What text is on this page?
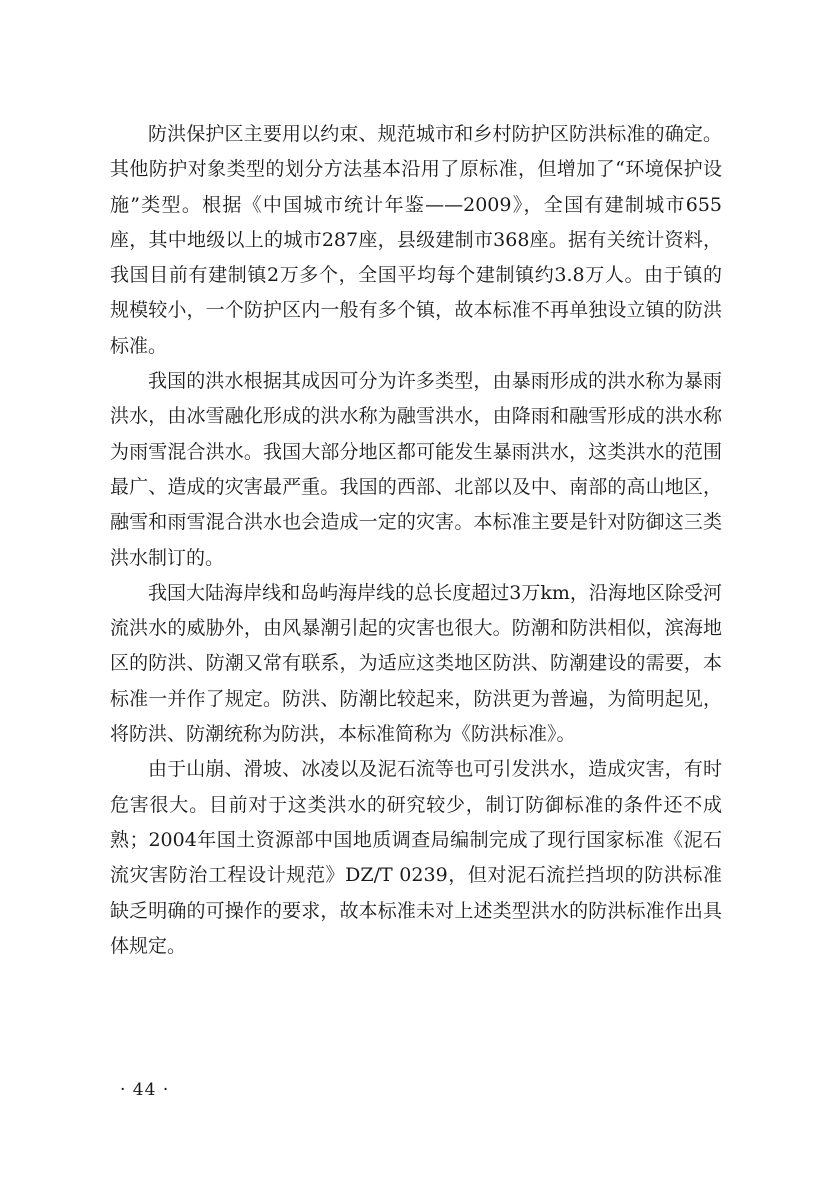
防洪保护区主要用以约束、规范城市和乡村防护区防洪标准的确定。其他防护对象类型的划分方法基本沿用了原标准，但增加了“环境保护设施”类型。根据《中国城市统计年鉴——2009》，全国有建制城市655座，其中地级以上的城市287座，县级建制市368座。据有关统计资料，我国目前有建制镇2万多个，全国平均每个建制镇约3.8万人。由于镇的规模较小，一个防护区内一般有多个镇，故本标准不再单独设立镇的防洪标准。

我国的洪水根据其成因可分为许多类型，由暴雨形成的洪水称为暴雨洪水，由冰雪融化形成的洪水称为融雪洪水，由降雨和融雪形成的洪水称为雨雪混合洪水。我国大部分地区都可能发生暴雨洪水，这类洪水的范围最广、造成的灾害最严重。我国的西部、北部以及中、南部的高山地区，融雪和雨雪混合洪水也会造成一定的灾害。本标准主要是针对防御这三类洪水制订的。

我国大陆海岸线和岛屿海岸线的总长度超过3万km，沿海地区除受河流洪水的威胁外，由风暴潮引起的灾害也很大。防潮和防洪相似，滨海地区的防洪、防潮又常有联系，为适应这类地区防洪、防潮建设的需要，本标准一并作了规定。防洪、防潮比较起来，防洪更为普遍，为简明起见，将防洪、防潮统称为防洪，本标准简称为《防洪标准》。

由于山崩、滑坡、冰凌以及泥石流等也可引发洪水，造成灾害，有时危害很大。目前对于这类洪水的研究较少，制订防御标准的条件还不成熟；2004年国土资源部中国地质调查局编制完成了现行国家标准《泥石流灾害防治工程设计规范》DZ/T 0239，但对泥石流拦挡坝的防洪标准缺乏明确的可操作的要求，故本标准未对上述类型洪水的防洪标准作出具体规定。

· 44 ·
